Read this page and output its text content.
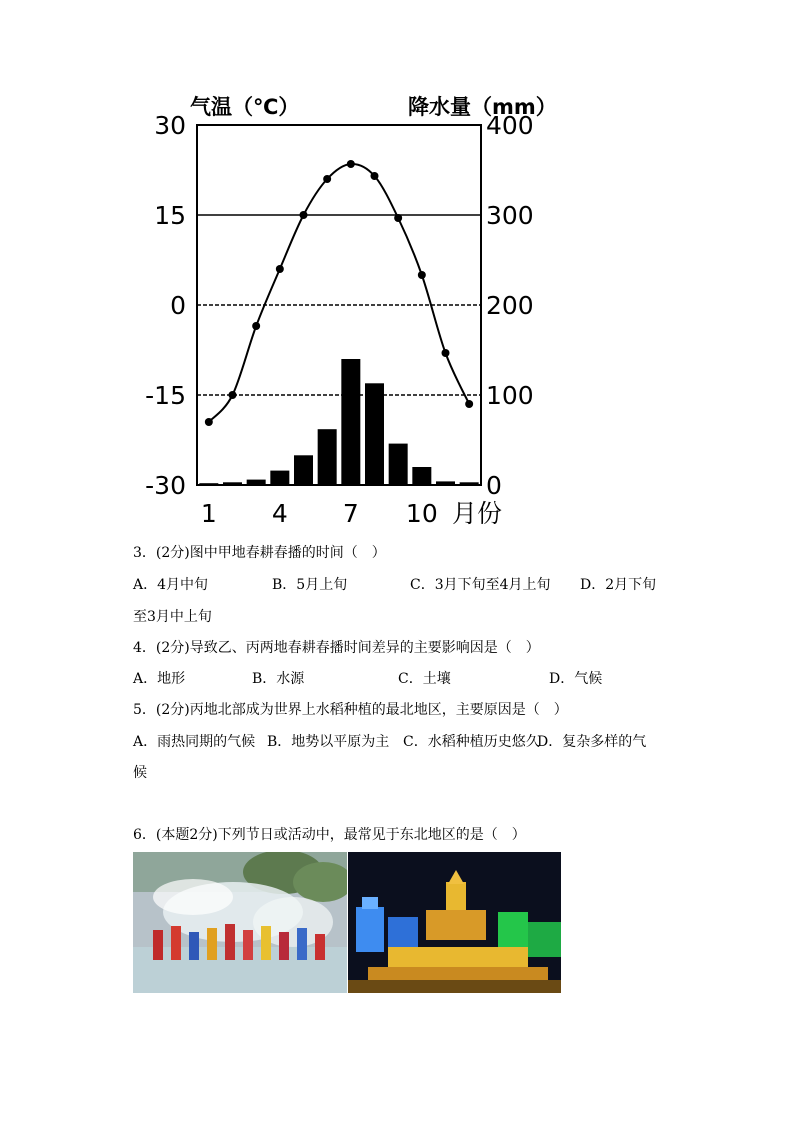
气温（℃）	降水量（mm）
30
15
0
-15
-30
400
300
200
100
0
1 4 7 10 月份
3．(2分)图中甲地春耕春播的时间（　）
A．4月中旬	B．5月上旬	C．3月下旬至4月上旬 D．2月下旬
至3月中上旬
4．(2分)导致乙、丙两地春耕春播时间差异的主要影响因是（　）
A．地形	B．水源	C．土壤	D．气候
5．(2分)丙地北部成为世界上水稻种植的最北地区，主要原因是（　）
A．雨热同期的气候 B．地势以平原为主 C．水稻种植历史悠久
D．复杂多样的气
候
6．(本题2分)下列节日或活动中，最常见于东北地区的是（　）
